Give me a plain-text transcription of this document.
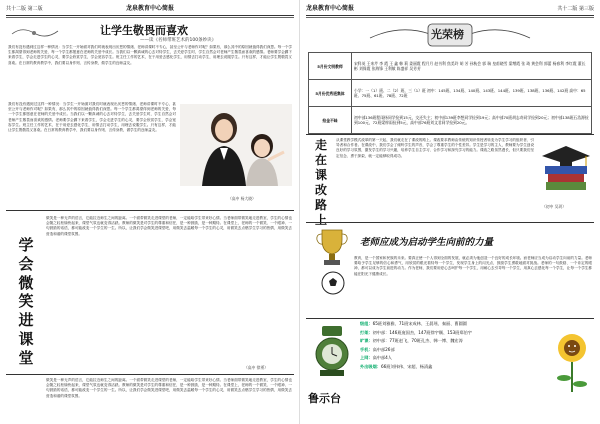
共十二版 第二版	龙泉教育中心简报
让学生敬畏而喜欢
——读《名师带班艺术的100条妙诀》
我们有没有遇到过这样一种情况：当学生一开始面对我们时就表现出厌恶的情绪、老师讲课时不专心，甚至公开与老师作对呢？如果有，那么其中的原因就值得我们深思。每一个学生都渴望得到老师的关爱，每一个学生都愿意在老师的关爱中成长。当我们以一颗真诚的心去对待学生，去关爱学生时，学生自然会对老师产生敬畏而喜欢的感情。老师要学会蹲下来看学生，学会走进学生的心灵，要学会欣赏学生，学会宽容学生。班主任工作的艺术，在于用爱去感化学生，用情去打动学生，用理去说服学生。只有这样，才能让学生既敬畏又喜欢。在日常的教育教学中，我们要以身作则、言传身教，做学生的良师益友。
我们有没有遇到过这样一种情况：当学生一开始面对我们时就表现出厌恶的情绪、老师讲课时不专心，甚至公开与老师作对呢？如果有，那么其中的原因就值得我们深思。每一个学生都渴望得到老师的关爱，每一个学生都愿意在老师的关爱中成长。当我们以一颗真诚的心去对待学生，去关爱学生时，学生自然会对老师产生敬畏而喜欢的感情。老师要学会蹲下来看学生，学会走进学生的心灵，要学会欣赏学生，学会宽容学生。班主任工作的艺术，在于用爱去感化学生，用情去打动学生，用理去说服学生。只有这样，才能让学生既敬畏又喜欢。在日常的教育教学中，我们要以身作则、言传身教，做学生的良师益友。
（高中 杨大晓）
学会微笑进课堂
微笑是一种无声的语言，它能拉近师生之间的距离。一个面带微笑走进课堂的老师，一定能给学生带来好心情。当老师面带微笑地走进教室，学生的心情也会随之轻松愉快起来，课堂气氛也就变得活跃。教师的微笑是对学生的尊重和信任，是一种鼓励，是一种期待。在课堂上，老师的一个微笑、一个眼神、一句鼓励的话语，都可能改变一个学生的一生。所以，让我们学会微笑进课堂吧，用微笑去温暖每一个学生的心灵，用微笑去点燃学生学习的热情，用微笑去营造和谐的课堂氛围。
（高中 徐勇）
微笑是一种无声的语言，它能拉近师生之间的距离。一个面带微笑走进课堂的老师，一定能给学生带来好心情。当老师面带微笑地走进教室，学生的心情也会随之轻松愉快起来，课堂气氛也就变得活跃。教师的微笑是对学生的尊重和信任，是一种鼓励，是一种期待。在课堂上，老师的一个微笑、一个眼神、一句鼓励的话语，都可能改变一个学生的一生。所以，让我们学会微笑进课堂吧，用微笑去温暖每一个学生的心灵，用微笑去点燃学生学习的热情，用微笑去营造和谐的课堂氛围。
龙泉教育中心简报	共十二版 第三版
光荣榜
5月份文明教师	宋科英 王来芹 李 霞 王 鑫 韩 莉 姜丽霞 程月月 赵书利 焦美玲 胡 芳 孙秋会 郭 瑞 皇甫晓雪 梁增霞 张 琦 黄会利 郭蕾 杨春利 李红霞 董长彬 刘保霞 张海锋 王利敏 陈盛祥 吴芳芳
5月份优秀班集体	小学：一（1）班、二（2）班、三（1）班 初中：145班、134班、140班、143班、144班、139班、138班、136班、142班 高中：65班、75班、61班、78班、72班
拾金不昧	初中部136班程雨扬同学捡到15元，交还失主；初中部139班李想同学捡到19元；高中部70班胡志奇同学捡到20元；初中部138班石浩源捡到100元，72班梁梓雨捡到5元，高中部76班刘文君同学捡到20元。
走在课改路上
从课堂教学模式改革的第一天起，我们就走在了课改的路上。课改要求教师由传统的知识传授者转变为学生学习的组织者、引导者和合作者。在课改中，我们学会了倾听学生的声音，学会了尊重学生的个性差异。学生是学习的主人，教师要为学生创设良好的学习氛围，激发学生的学习兴趣，培养学生自主学习、合作学习和探究学习的能力。课改之路虽然漫长，但只要我们坚定信念、勇于探索，就一定能够取得成功。
（初中 吴玥）
老师应成为启动学生向前的力量
教育，是一个国家和民族的未来。要真正使一个人得到全面的发展，就必须为他创造一个良好的成长环境。而老师应当成为启动学生向前的力量。老师要给予学生足够的信心和勇气，用欣赏的眼光看待每一个学生，发现学生身上的闪光点，鼓励学生勇敢地面对挑战。老师的一句鼓励、一个肯定的眼神，都可以成为学生前进的动力。作为老师，我们要用爱心去呵护每一个学生，用耐心去引导每一个学生，用真心去感化每一个学生，让每一个学生都能在阳光下健康成长。
鲁示台
级组：65班刘雅雅、71班宋成林、王晨瑶、秦丽、曹圆圆
打架：初中部：146班庞国杰，147班徐宇顺、153班郑伯宇
旷课：初中部：77班赵飞，70班孔杰、韩一博、魏宏涛
手机：高中部26部
上网：高中部4人
外出吸烟：66班刘伟伟、宋超、杨清鑫
